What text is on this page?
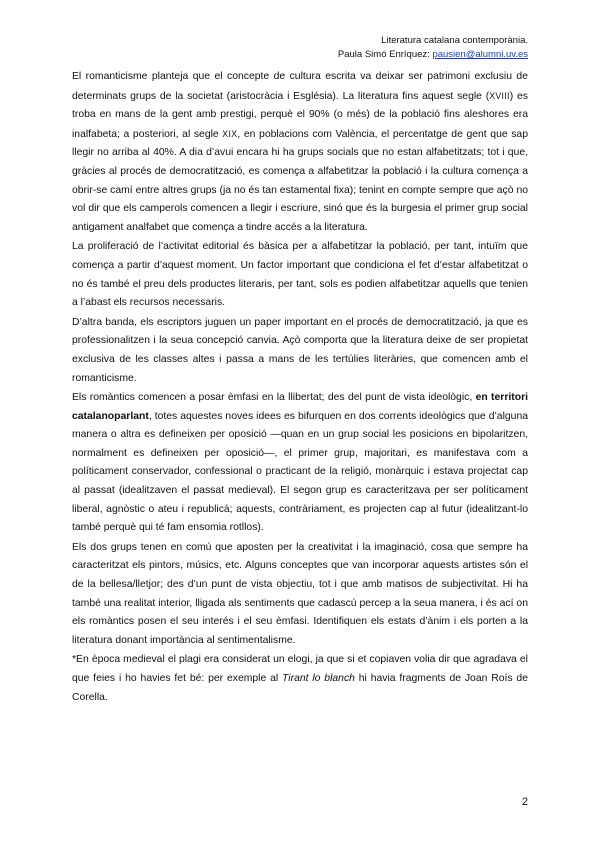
Literatura catalana contemporània.
Paula Simó Enríquez: pausien@alumni.uv.es

El romanticisme planteja que el concepte de cultura escrita va deixar ser patrimoni exclusiu de determinats grups de la societat (aristocràcia i Església). La literatura fins aquest segle (XVIII) es troba en mans de la gent amb prestigi, perquè el 90% (o més) de la població fins aleshores era inalfabeta; a posteriori, al segle XIX, en poblacions com València, el percentatge de gent que sap llegir no arriba al 40%. A dia d’avui encara hi ha grups socials que no estan alfabetitzats; tot i que, gràcies al procés de democratització, es comença a alfabetitzar la població i la cultura comença a obrir-se camí entre altres grups (ja no és tan estamental fixa); tenint en compte sempre que açò no vol dir que els camperols comencen a llegir i escriure, sinó que és la burgesia el primer grup social antigament analfabet que comença a tindre accés a la literatura.

La proliferació de l’activitat editorial és bàsica per a alfabetitzar la població, per tant, intuïm que comença a partir d’aquest moment. Un factor important que condiciona el fet d’estar alfabetitzat o no és també el preu dels productes literaris, per tant, sols es podien alfabetitzar aquells que tenien a l’abast els recursos necessaris.

D’altra banda, els escriptors juguen un paper important en el procés de democratització, ja que es professionalitzen i la seua concepció canvia. Açò comporta que la literatura deixe de ser propietat exclusiva de les classes altes i passa a mans de les tertúlies literàries, que comencen amb el romanticisme.

Els romàntics comencen a posar èmfasi en la llibertat; des del punt de vista ideològic, en territori catalanoparlant, totes aquestes noves idees es bifurquen en dos corrents ideològics que d’alguna manera o altra es defineixen per oposició —quan en un grup social les posicions en bipolaritzen, normalment es defineixen per oposició—, el primer grup, majoritari, es manifestava com a políticament conservador, confessional o practicant de la religió, monàrquic i estava projectat cap al passat (idealitzaven el passat medieval). El segon grup es caracteritzava per ser políticament liberal, agnòstic o ateu i republicà; aquests, contràriament, es projecten cap al futur (idealitzant-lo també perquè qui té fam ensomia rotllos).

Els dos grups tenen en comú que aposten per la creativitat i la imaginació, cosa que sempre ha caracteritzat els pintors, músics, etc. Alguns conceptes que van incorporar aquests artistes són el de la bellesa/lletjor; des d’un punt de vista objectiu, tot i que amb matisos de subjectivitat. Hi ha també una realitat interior, lligada als sentiments que cadascú percep a la seua manera, i és ací on els romàntics posen el seu interés i el seu èmfasi. Identifiquen els estats d’ànim i els porten a la literatura donant importància al sentimentalisme.

*En època medieval el plagi era considerat un elogi, ja que si et copiaven volia dir que agradava el que feies i ho havies fet bé: per exemple al Tirant lo blanch hi havia fragments de Joan Roís de Corella.

2
